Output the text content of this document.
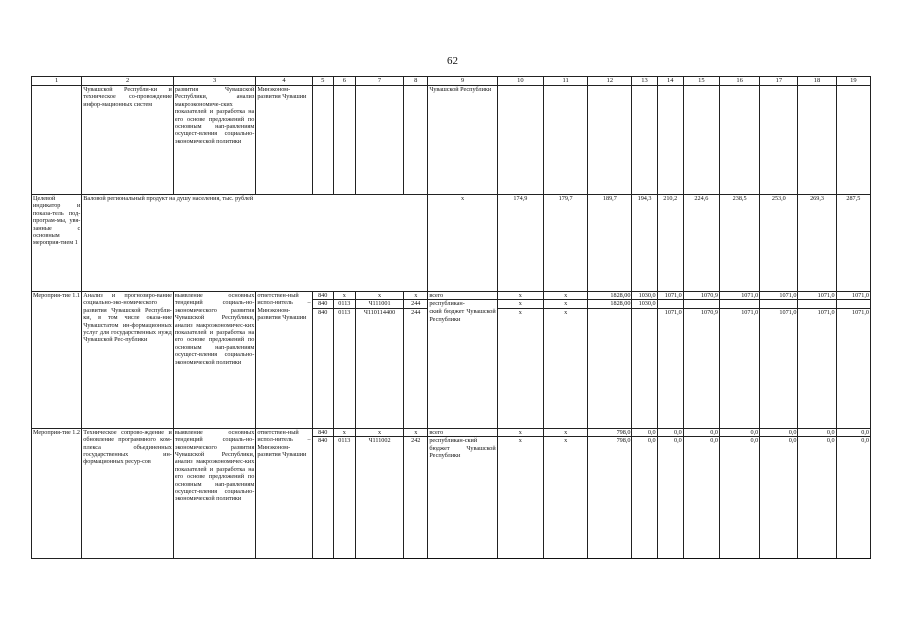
62
1	2	3	4	5	6	7	8	9	10	11	12	13	14	15	16	17	18	19
	Чувашской Республи-ки и техническое со-провождение инфор-мационных систем	развития Чувашской Республики, анализ макроэкономиче-ских показателей и разработка на его основе предложений по основным нап-равлениям осущест-вления социально-экономической политики	Минэконом-развития Чувашии					Чувашской Республики										
Целевой индикатор и показа-тель под-програм-мы, увя-занные с основным мероприя-тием 1	Валовой региональный продукт на душу населения, тыс. рублей							х	174,9	179,7	189,7	194,3	210,2	224,6	238,5	253,0	269,3	287,5
Мероприя-тие 1.1	Анализ и прогнозиро-вание социально-эко-номического развития Чувашской Республи-ки, в том числе оказа-ние Чувашстатом ин-формационных услуг для государственных нужд Чувашской Рес-публики	выявление основных тенденций социаль-но-экономического развития Чувашской Республики, анализ макроэкономичес-ких показателей и разработка на его основе предложений по основным нап-равлениям осущест-вления социально-экономической политики	ответствен-ный испол-нитель – Минэконом-развития Чувашии	840	х	х	х	всего	х	х	1828,00	1030,0	1071,0	1070,9	1071,0	1071,0	1071,0	1071,0
				840	0113	Ч111001	244	республикан-	х	х	1828,00	1030,0						
				840	0113	Ч110114400	244	ский бюджет Чувашской Республики	х	х			1071,0	1070,9	1071,0	1071,0	1071,0	1071,0
Мероприя-тие 1.2	Техническое сопрово-ждение и обновление программного ком-плекса объединенных государственных ин-формационных ресур-сов	выявление основных тенденций социаль-но-экономического развития Чувашской Республики, анализ макроэкономичес-ких показателей и разработка на его основе предложений по основным нап-равлениям осущест-вления социально-экономической политики	ответствен-ный испол-нитель – Минэконом-развития Чувашии	840	х	х	х	всего	х	х	798,0	0,0	0,0	0,0	0,0	0,0	0,0	0,0
				840	0113	Ч111002	242	республикан-ский бюджет Чувашской Республики	х	х	798,0	0,0	0,0	0,0	0,0	0,0	0,0	0,0
